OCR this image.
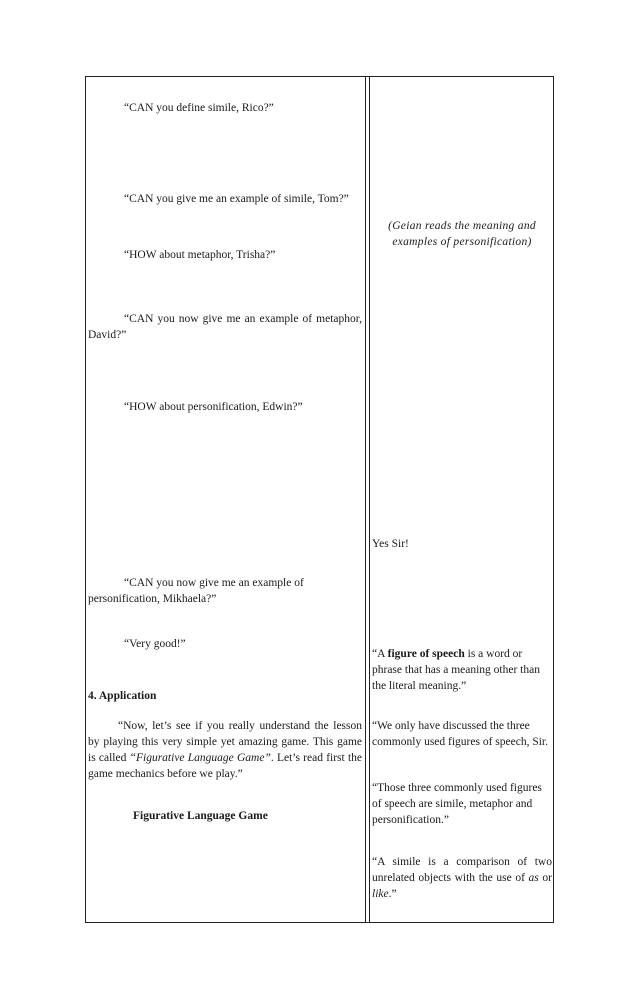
“CAN you define simile, Rico?”

“CAN you give me an example of simile, Tom?”

“HOW about metaphor, Trisha?”

“CAN you now give me an example of metaphor, David?”

“HOW about personification, Edwin?”

“CAN you now give me an example of personification, Mikhaela?”

“Very good!”

4. Application

“Now, let’s see if you really understand the lesson by playing this very simple yet amazing game. This game is called “Figurative Language Game”. Let’s read first the game mechanics before we play.”

Figurative Language Game

(Geian reads the meaning and examples of personification)

Yes Sir!

“A figure of speech is a word or phrase that has a meaning other than the literal meaning.”

“We only have discussed the three commonly used figures of speech, Sir.

“Those three commonly used figures of speech are simile, metaphor and personification.”

“A simile is a comparison of two unrelated objects with the use of as or like.”
